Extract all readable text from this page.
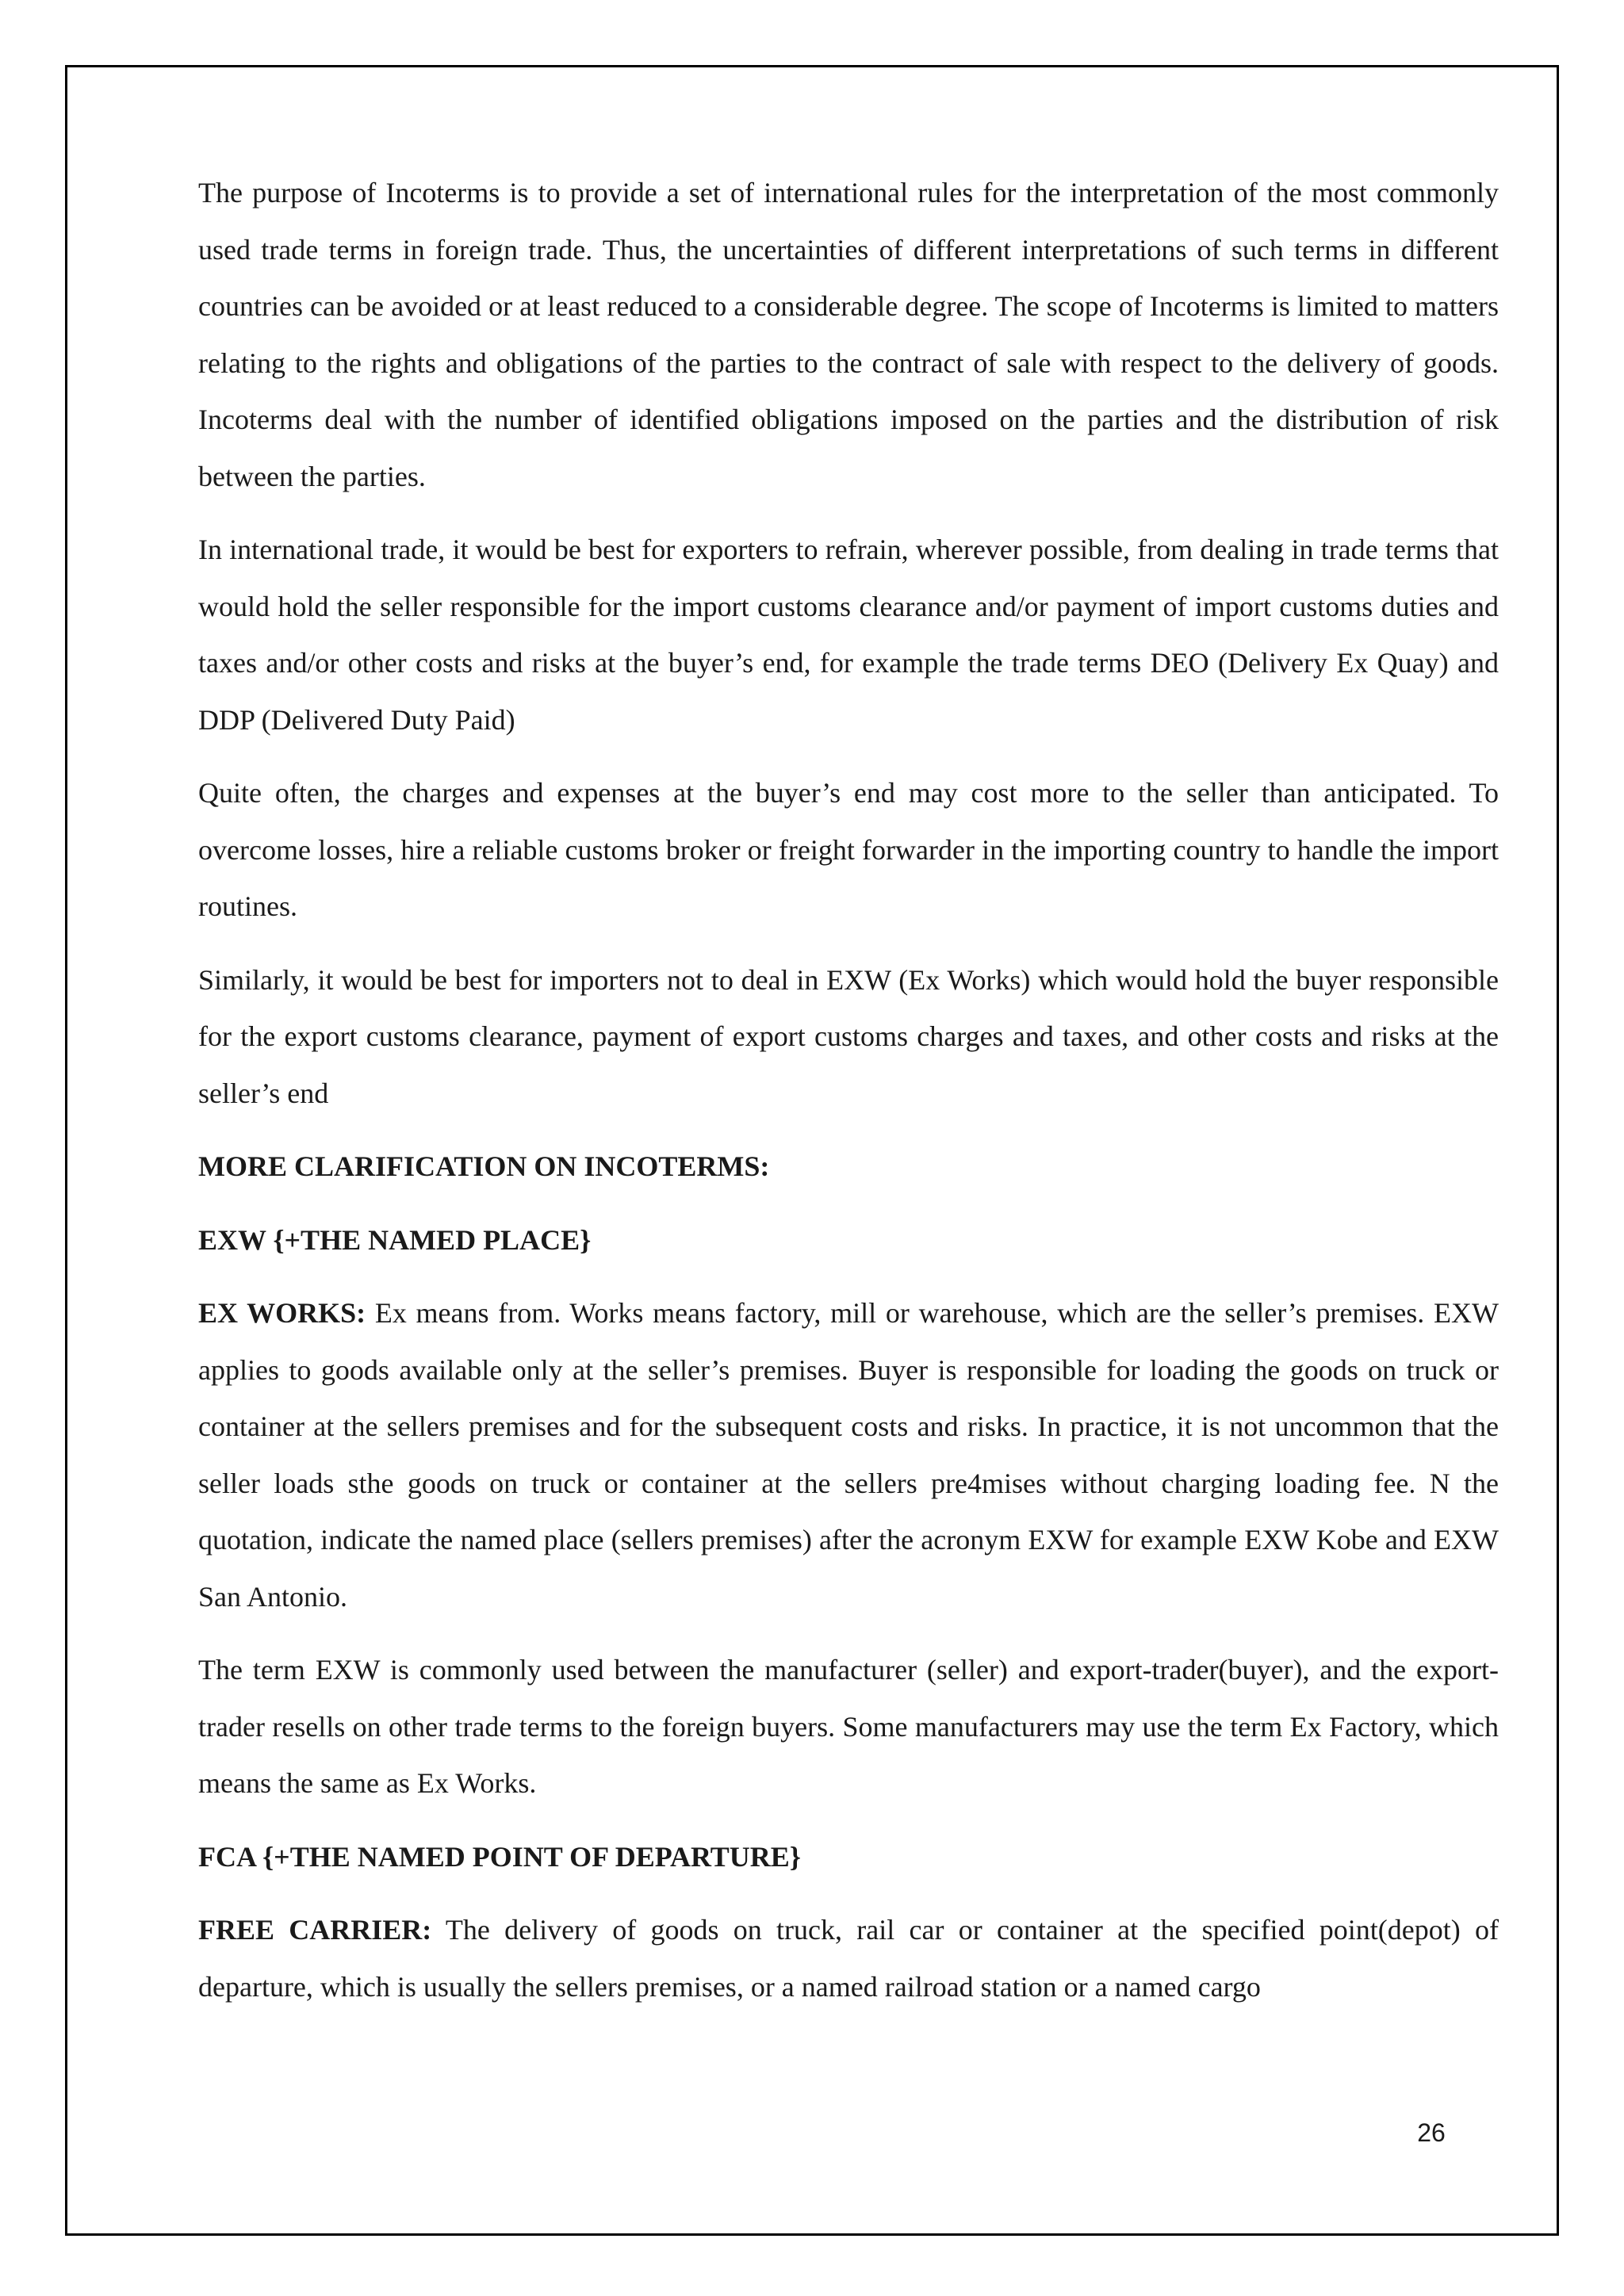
The purpose of Incoterms is to provide a set of international rules for the interpretation of the most commonly used trade terms in foreign trade. Thus, the uncertainties of different interpretations of such terms in different countries can be avoided or at least reduced to a considerable degree. The scope of Incoterms is limited to matters relating to the rights and obligations of the parties to the contract of sale with respect to the delivery of goods. Incoterms deal with the number of identified obligations imposed on the parties and the distribution of risk between the parties.

In international trade, it would be best for exporters to refrain, wherever possible, from dealing in trade terms that would hold the seller responsible for the import customs clearance and/or payment of import customs duties and taxes and/or other costs and risks at the buyer’s end, for example the trade terms DEO (Delivery Ex Quay) and DDP (Delivered Duty Paid)

Quite often, the charges and expenses at the buyer’s end may cost more to the seller than anticipated. To overcome losses, hire a reliable customs broker or freight forwarder in the importing country to handle the import routines.

Similarly, it would be best for importers not to deal in EXW (Ex Works) which would hold the buyer responsible for the export customs clearance, payment of export customs charges and taxes, and other costs and risks at the seller’s end

MORE CLARIFICATION ON INCOTERMS:

EXW {+THE NAMED PLACE}

EX WORKS: Ex means from. Works means factory, mill or warehouse, which are the seller’s premises. EXW applies to goods available only at the seller’s premises. Buyer is responsible for loading the goods on truck or container at the sellers premises and for the subsequent costs and risks. In practice, it is not uncommon that the seller loads sthe goods on truck or container at the sellers pre4mises without charging loading fee. N the quotation, indicate the named place (sellers premises) after the acronym EXW for example EXW Kobe and EXW San Antonio.

The term EXW is commonly used between the manufacturer (seller) and export-trader(buyer), and the export-trader resells on other trade terms to the foreign buyers. Some manufacturers may use the term Ex Factory, which means the same as Ex Works.

FCA {+THE NAMED POINT OF DEPARTURE}

FREE CARRIER: The delivery of goods on truck, rail car or container at the specified point(depot) of departure, which is usually the sellers premises, or a named railroad station or a named cargo

26
